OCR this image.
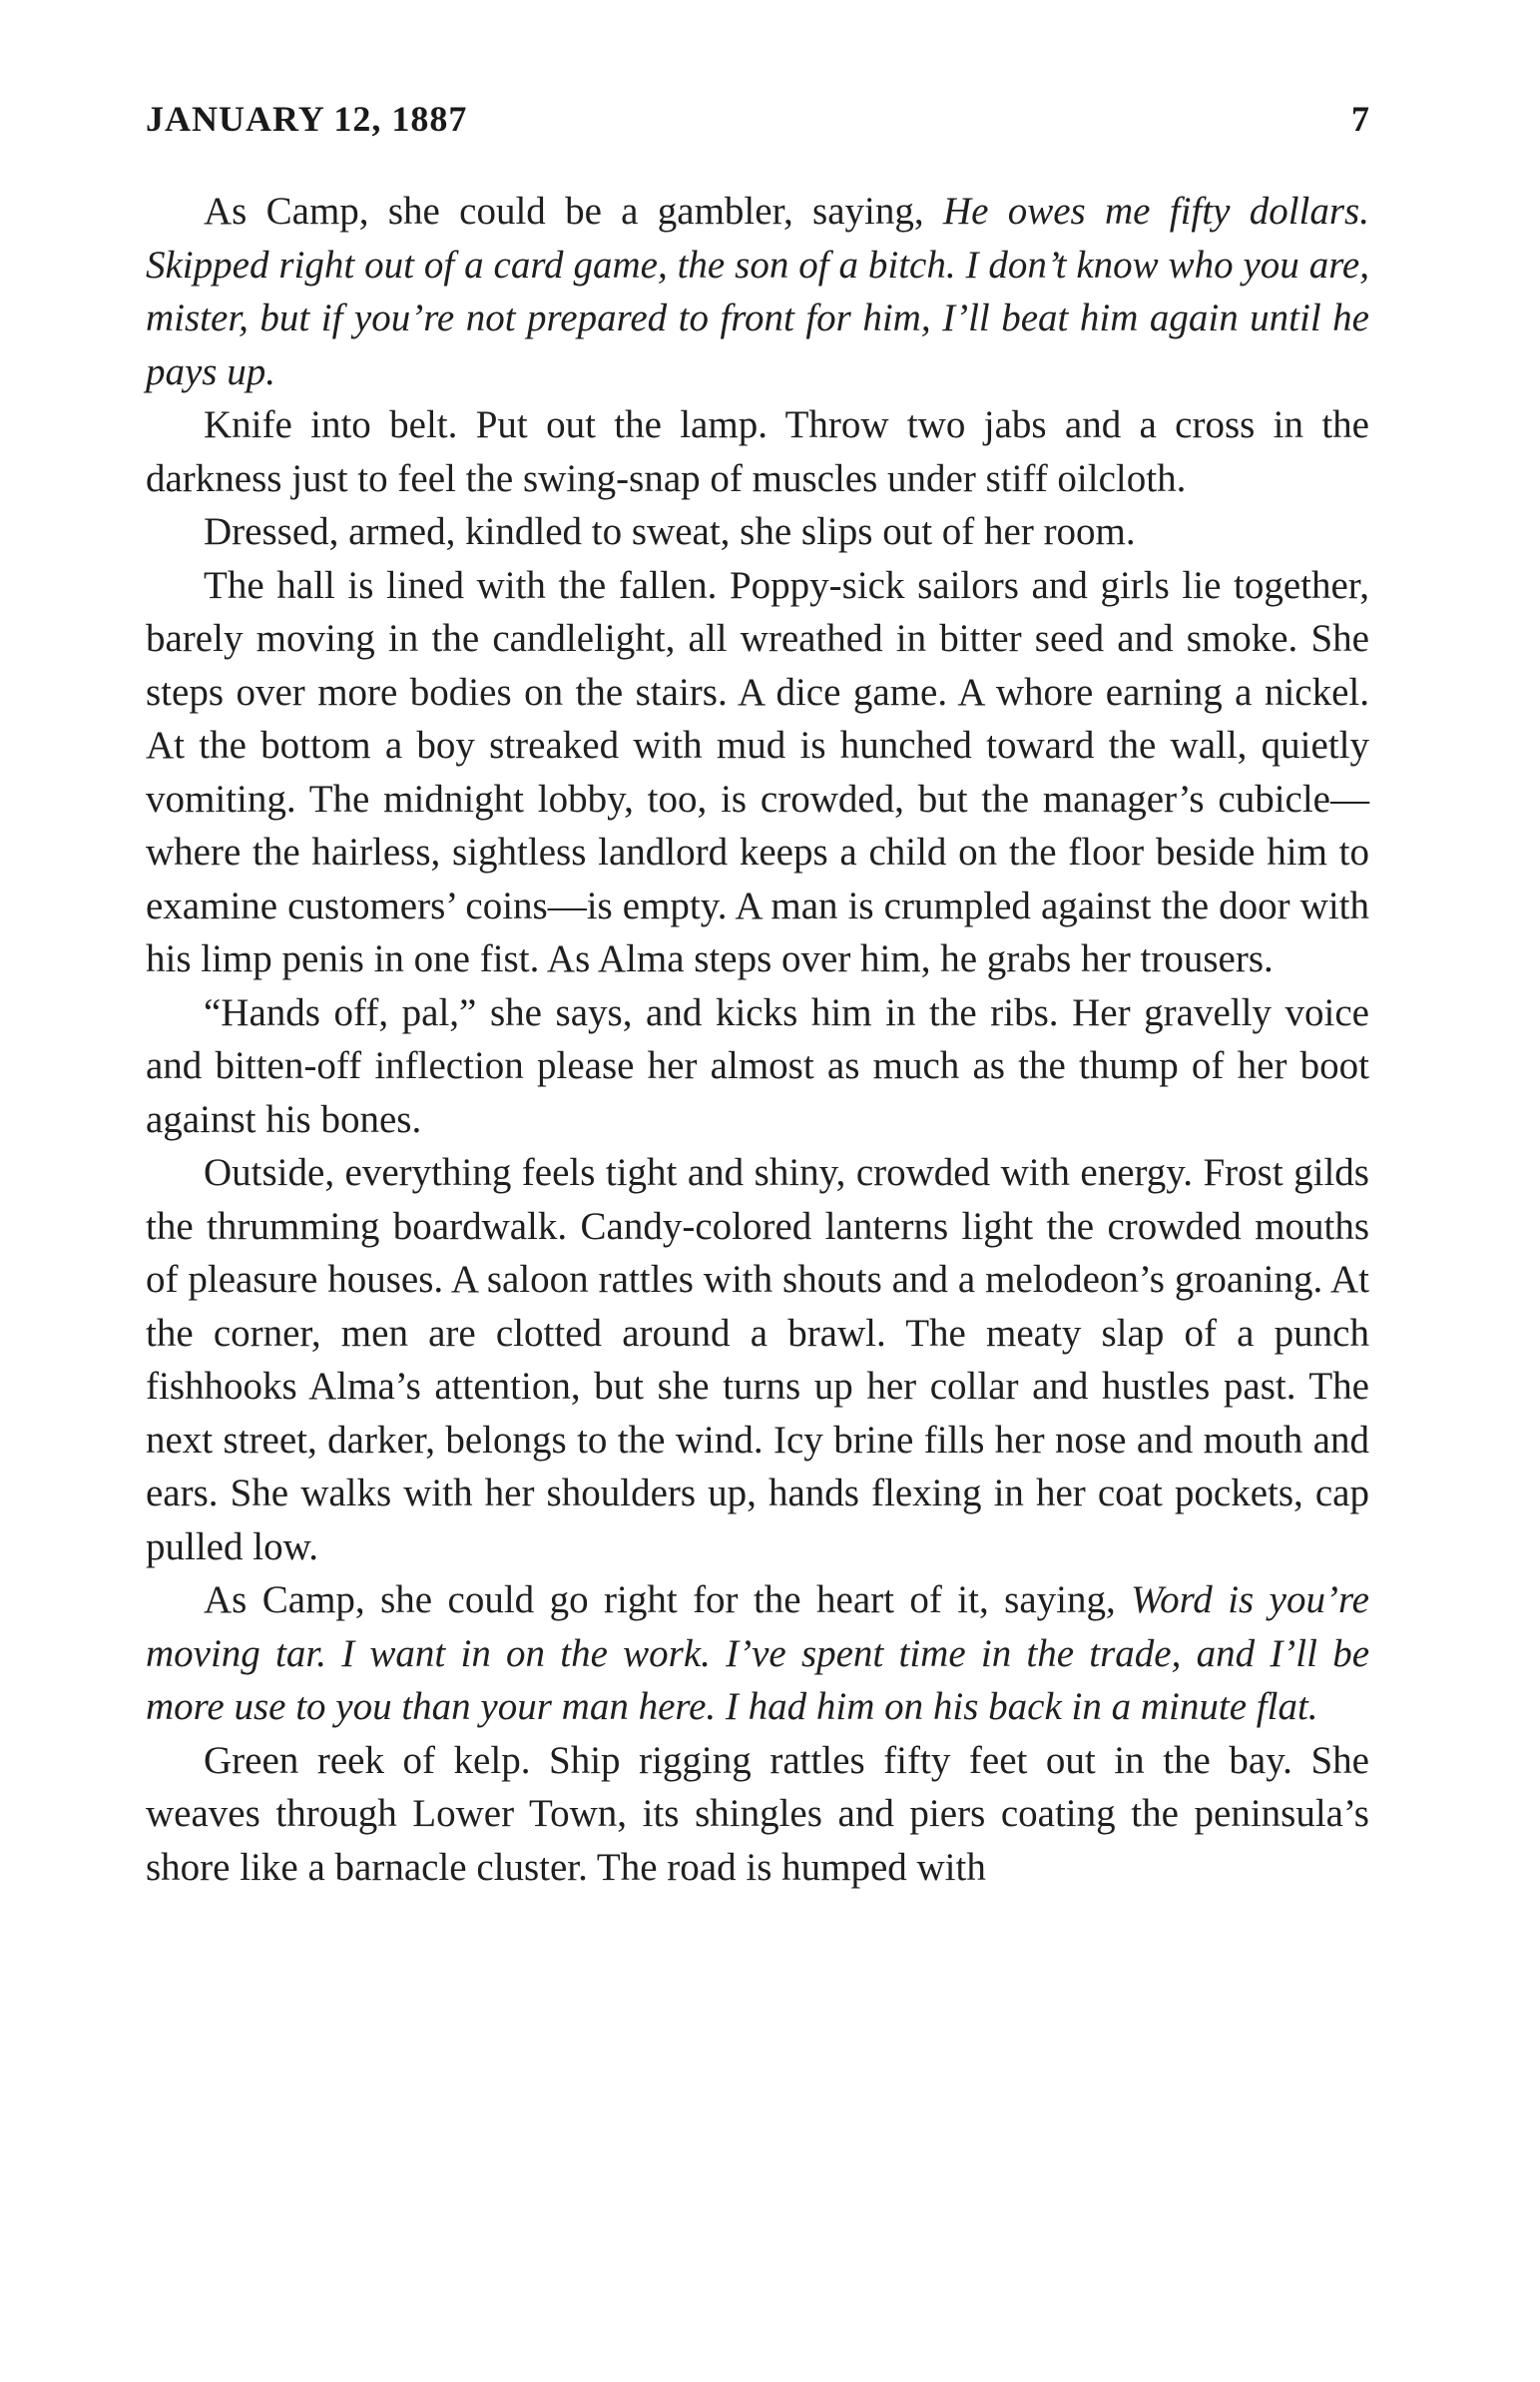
JANUARY 12, 1887	7

As Camp, she could be a gambler, saying, He owes me fifty dollars. Skipped right out of a card game, the son of a bitch. I don’t know who you are, mister, but if you’re not prepared to front for him, I’ll beat him again until he pays up.

Knife into belt. Put out the lamp. Throw two jabs and a cross in the darkness just to feel the swing-snap of muscles under stiff oilcloth.

Dressed, armed, kindled to sweat, she slips out of her room.

The hall is lined with the fallen. Poppy-sick sailors and girls lie together, barely moving in the candlelight, all wreathed in bitter seed and smoke. She steps over more bodies on the stairs. A dice game. A whore earning a nickel. At the bottom a boy streaked with mud is hunched toward the wall, quietly vomiting. The midnight lobby, too, is crowded, but the manager’s cubicle—where the hairless, sightless landlord keeps a child on the floor beside him to examine customers’ coins—is empty. A man is crumpled against the door with his limp penis in one fist. As Alma steps over him, he grabs her trousers.

“Hands off, pal,” she says, and kicks him in the ribs. Her gravelly voice and bitten-off inflection please her almost as much as the thump of her boot against his bones.

Outside, everything feels tight and shiny, crowded with energy. Frost gilds the thrumming boardwalk. Candy-colored lanterns light the crowded mouths of pleasure houses. A saloon rattles with shouts and a melodeon’s groaning. At the corner, men are clotted around a brawl. The meaty slap of a punch fishhooks Alma’s attention, but she turns up her collar and hustles past. The next street, darker, belongs to the wind. Icy brine fills her nose and mouth and ears. She walks with her shoulders up, hands flexing in her coat pockets, cap pulled low.

As Camp, she could go right for the heart of it, saying, Word is you’re moving tar. I want in on the work. I’ve spent time in the trade, and I’ll be more use to you than your man here. I had him on his back in a minute flat.

Green reek of kelp. Ship rigging rattles fifty feet out in the bay. She weaves through Lower Town, its shingles and piers coating the peninsula’s shore like a barnacle cluster. The road is humped with
